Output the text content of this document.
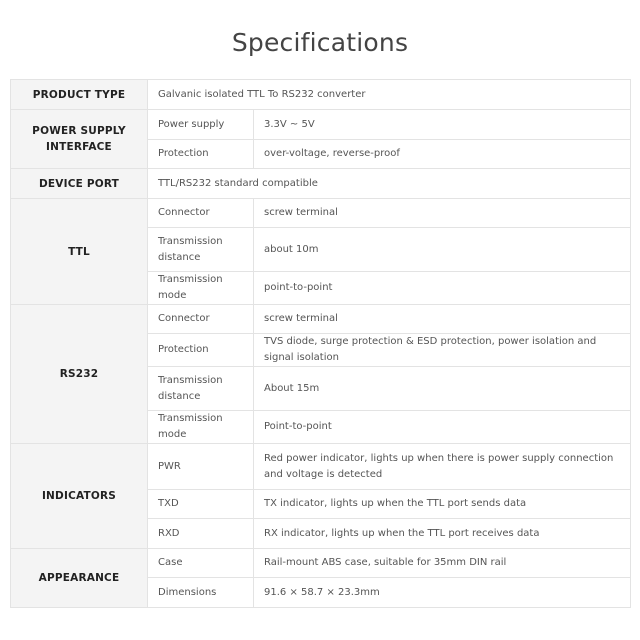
Specifications
PRODUCT TYPE	Galvanic isolated TTL To RS232 converter	
POWER SUPPLY INTERFACE	Power supply	3.3V ~ 5V
	Protection	over-voltage, reverse-proof
DEVICE PORT	TTL/RS232 standard compatible	
TTL	Connector	screw terminal
	Transmission distance	about 10m
	Transmission mode	point-to-point
RS232	Connector	screw terminal
	Protection	TVS diode, surge protection & ESD protection, power isolation and signal isolation
	Transmission distance	About 15m
	Transmission mode	Point-to-point
INDICATORS	PWR	Red power indicator, lights up when there is power supply connection and voltage is detected
	TXD	TX indicator, lights up when the TTL port sends data
	RXD	RX indicator, lights up when the TTL port receives data
APPEARANCE	Case	Rail-mount ABS case, suitable for 35mm DIN rail
	Dimensions	91.6 × 58.7 × 23.3mm
